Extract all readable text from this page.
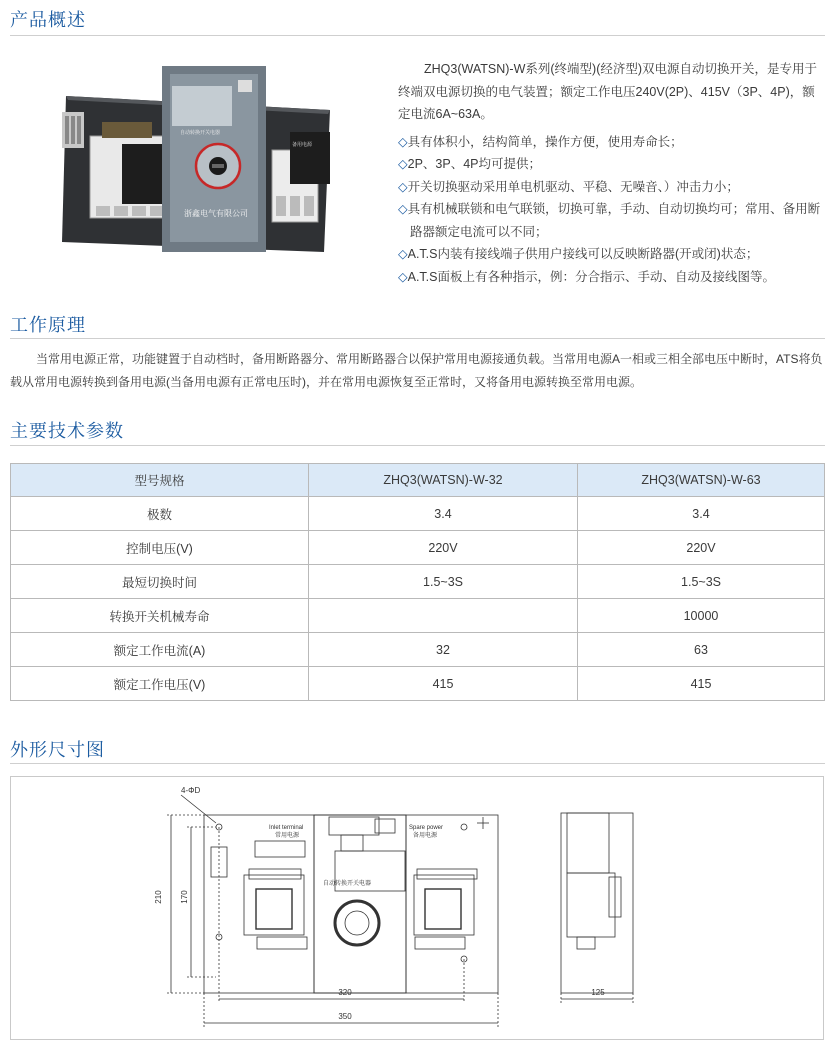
产品概述
自动转换开关电器
浙鑫电气有限公司
备用电源

ZHQ3(WATSN)-W系列(终端型)(经济型)双电源自动切换开关，是专用于终端双电源切换的电气装置；额定工作电压240V(2P)、415V（3P、4P)，额定电流6A~63A。

◇具有体积小，结构简单，操作方便，使用寿命长；
◇2P、3P、4P均可提供；
◇开关切换驱动采用单电机驱动、平稳、无噪音、）冲击力小；
◇具有机械联锁和电气联锁，切换可靠，手动、自动切换均可；常用、备用断路器额定电流可以不同；
◇A.T.S内装有接线端子供用户接线可以反映断路器(开或闭)状态；
◇A.T.S面板上有各种指示，例：分合指示、手动、自动及接线图等。
工作原理

当常用电源正常，功能键置于自动档时，备用断路器分、常用断路器合以保护常用电源接通负载。当常用电源A一相或三相全部电压中断时，ATS将负载从常用电源转换到备用电源(当备用电源有正常电压时)，并在常用电源恢复至正常时，又将备用电源转换至常用电源。

主要技术参数
型号规格	ZHQ3(WATSN)-W-32	ZHQ3(WATSN)-W-63
极数	3.4	3.4
控制电压(V)	220V	220V
最短切换时间	1.5~3S	1.5~3S
转换开关机械寿命		10000
额定工作电流(A)	32	63
额定工作电压(V)	415	415
外形尺寸图
4-ΦD
210 170
320
350
125
Inlet terminal
常用电源
Spare power
备用电源
自动转换开关电器
